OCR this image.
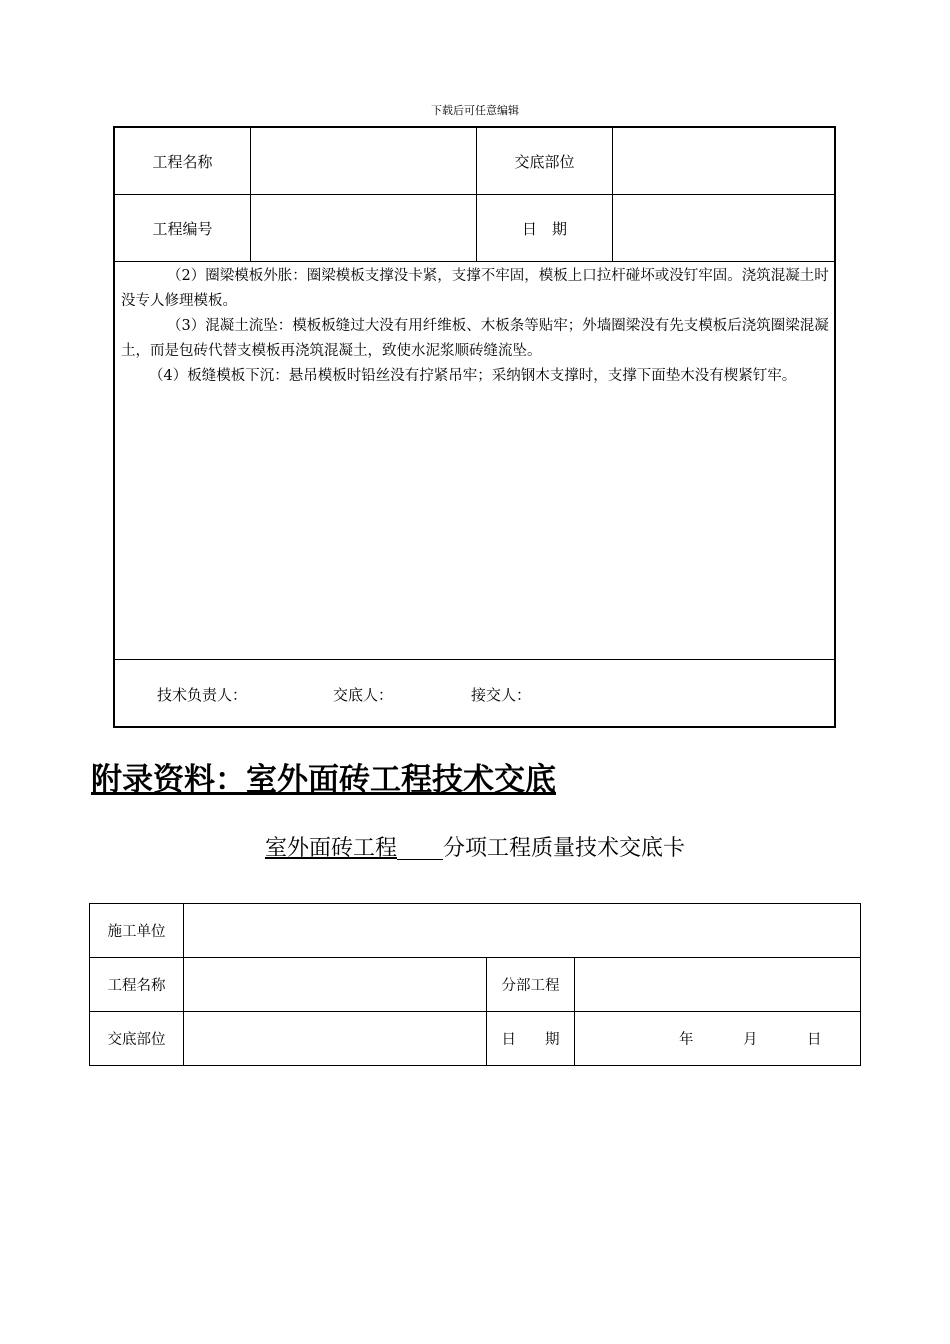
下载后可任意编辑
工程名称	交底部位
工程编号	日　期

（2）圈梁模板外胀：圈梁模板支撑没卡紧，支撑不牢固，模板上口拉杆碰坏或没钉牢固。浇筑混凝土时没专人修理模板。

（3）混凝土流坠：模板板缝过大没有用纤维板、木板条等贴牢；外墙圈梁没有先支模板后浇筑圈梁混凝土，而是包砖代替支模板再浇筑混凝土，致使水泥浆顺砖缝流坠。

（4）板缝模板下沉：悬吊模板时铅丝没有拧紧吊牢；采纳钢木支撑时，支撑下面垫木没有楔紧钉牢。

技术负责人：	交底人：	接交人：
附录资料：室外面砖工程技术交底
室外面砖工程 分项工程质量技术交底卡
施工单位
工程名称	分部工程
交底部位	日　　期	年	月	日
